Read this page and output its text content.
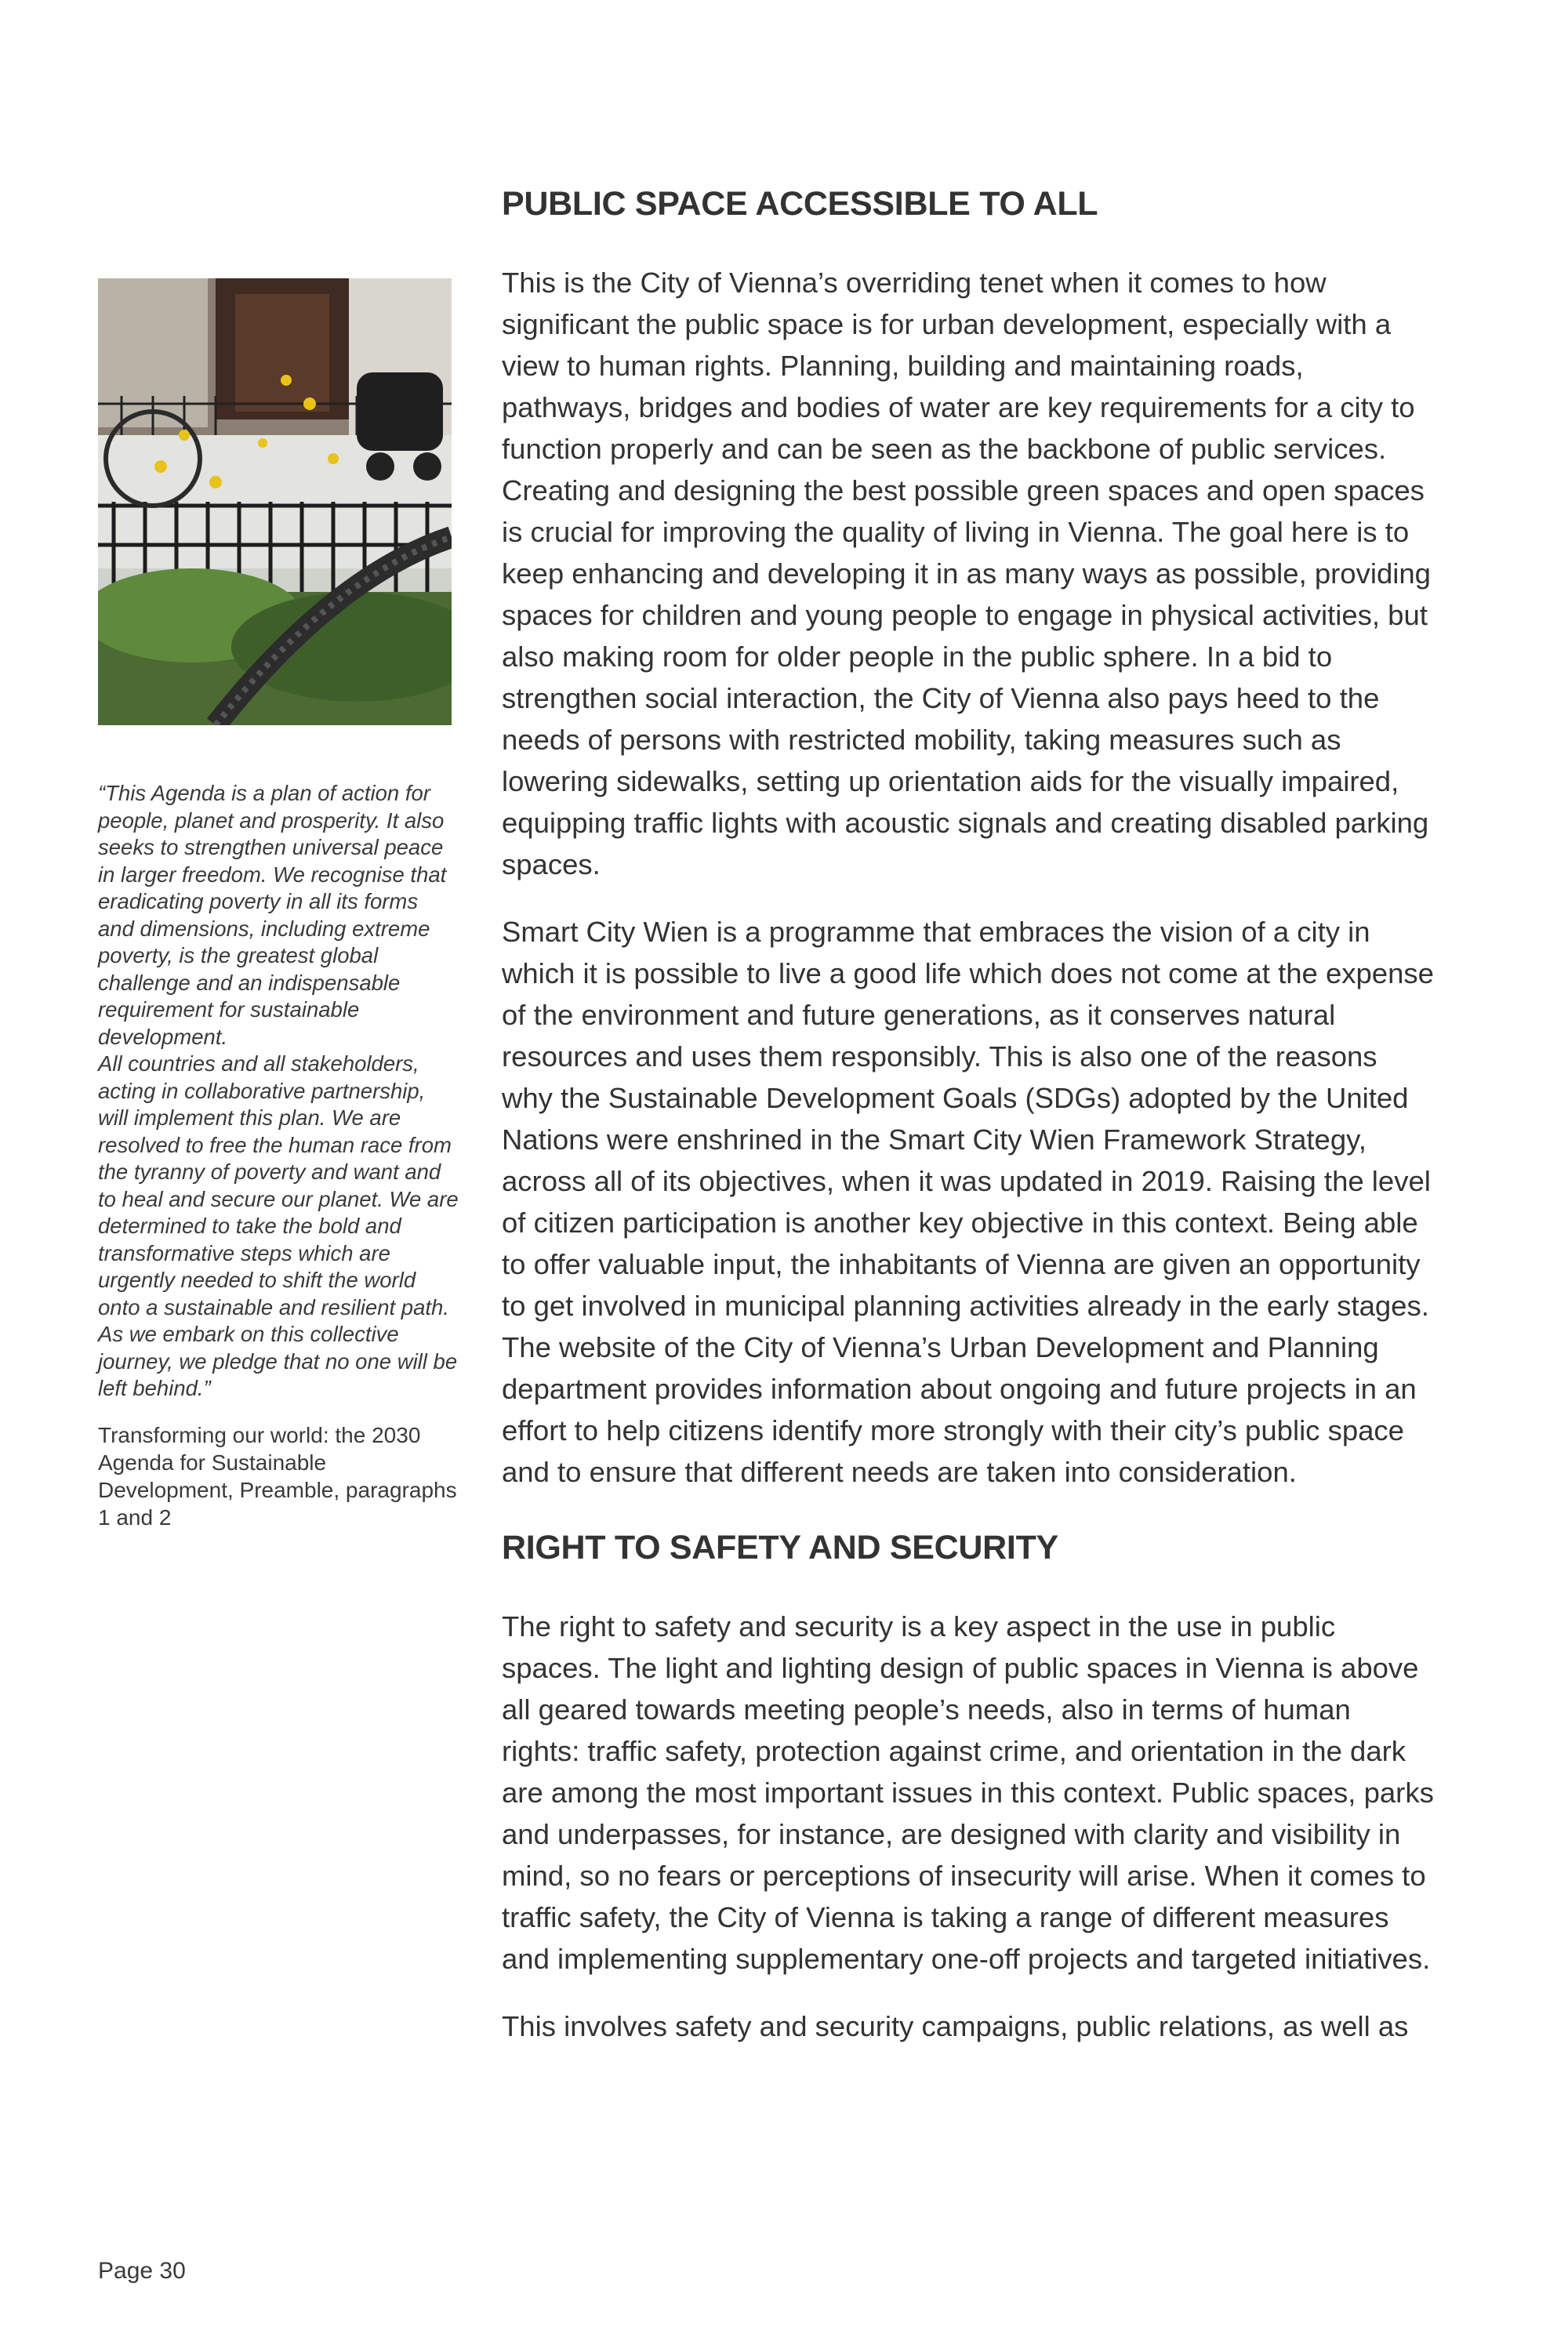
“This Agenda is a plan of action for people, planet and prosperity. It also seeks to strengthen universal peace in larger freedom. We recognise that eradicating poverty in all its forms and dimensions, including extreme poverty, is the greatest global challenge and an indispensable requirement for sustainable development.
All countries and all stakeholders, acting in collaborative partnership, will implement this plan. We are resolved to free the human race from the tyranny of poverty and want and to heal and secure our planet. We are determined to take the bold and transformative steps which are urgently needed to shift the world onto a sustainable and resilient path. As we embark on this collective journey, we pledge that no one will be left behind.”

Transforming our world: the 2030 Agenda for Sustainable Development, Preamble, paragraphs 1 and 2

PUBLIC SPACE ACCESSIBLE TO ALL

This is the City of Vienna’s overriding tenet when it comes to how significant the public space is for urban development, especially with a view to human rights. Planning, building and maintaining roads, pathways, bridges and bodies of water are key requirements for a city to function properly and can be seen as the backbone of public services. Creating and designing the best possible green spaces and open spaces is crucial for improving the quality of living in Vienna. The goal here is to keep enhancing and developing it in as many ways as possible, providing spaces for children and young people to engage in physical activities, but also making room for older people in the public sphere. In a bid to strengthen social interaction, the City of Vienna also pays heed to the needs of persons with restricted mobility, taking measures such as lowering sidewalks, setting up orientation aids for the visually impaired, equipping traffic lights with acoustic signals and creating disabled parking spaces.

Smart City Wien is a programme that embraces the vision of a city in which it is possible to live a good life which does not come at the expense of the environment and future generations, as it conserves natural resources and uses them responsibly. This is also one of the reasons why the Sustainable Development Goals (SDGs) adopted by the United Nations were enshrined in the Smart City Wien Framework Strategy, across all of its objectives, when it was updated in 2019. Raising the level of citizen participation is another key objective in this context. Being able to offer valuable input, the inhabitants of Vienna are given an opportunity to get involved in municipal planning activities already in the early stages. The website of the City of Vienna’s Urban Development and Planning department provides information about ongoing and future projects in an effort to help citizens identify more strongly with their city’s public space and to ensure that different needs are taken into consideration.

RIGHT TO SAFETY AND SECURITY

The right to safety and security is a key aspect in the use in public spaces. The light and lighting design of public spaces in Vienna is above all geared towards meeting people’s needs, also in terms of human rights: traffic safety, protection against crime, and orientation in the dark are among the most important issues in this context. Public spaces, parks and underpasses, for instance, are designed with clarity and visibility in mind, so no fears or perceptions of insecurity will arise. When it comes to traffic safety, the City of Vienna is taking a range of different measures and implementing supplementary one-off projects and targeted initiatives.

This involves safety and security campaigns, public relations, as well as

Page 30
